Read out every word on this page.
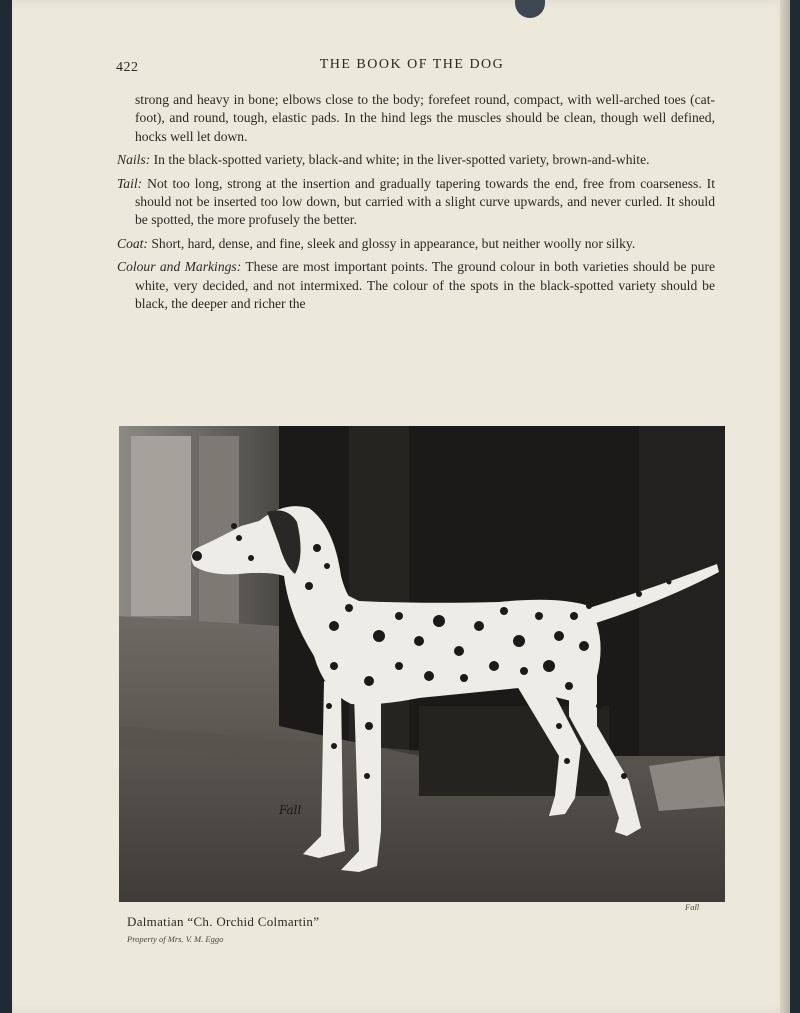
422	THE BOOK OF THE DOG

strong and heavy in bone; elbows close to the body; forefeet round, compact, with well-arched toes (cat-foot), and round, tough, elastic pads. In the hind legs the muscles should be clean, though well defined, hocks well let down.

Nails: In the black-spotted variety, black-and white; in the liver-spotted variety, brown-and-white.

Tail: Not too long, strong at the insertion and gradually tapering towards the end, free from coarseness. It should not be inserted too low down, but carried with a slight curve upwards, and never curled. It should be spotted, the more profusely the better.

Coat: Short, hard, dense, and fine, sleek and glossy in appearance, but neither woolly nor silky.

Colour and Markings: These are most important points. The ground colour in both varieties should be pure white, very decided, and not intermixed. The colour of the spots in the black-spotted variety should be black, the deeper and richer the

Fall
Dalmatian “Ch. Orchid Colmartin”
Property of Mrs. V. M. Eggo
Fall
